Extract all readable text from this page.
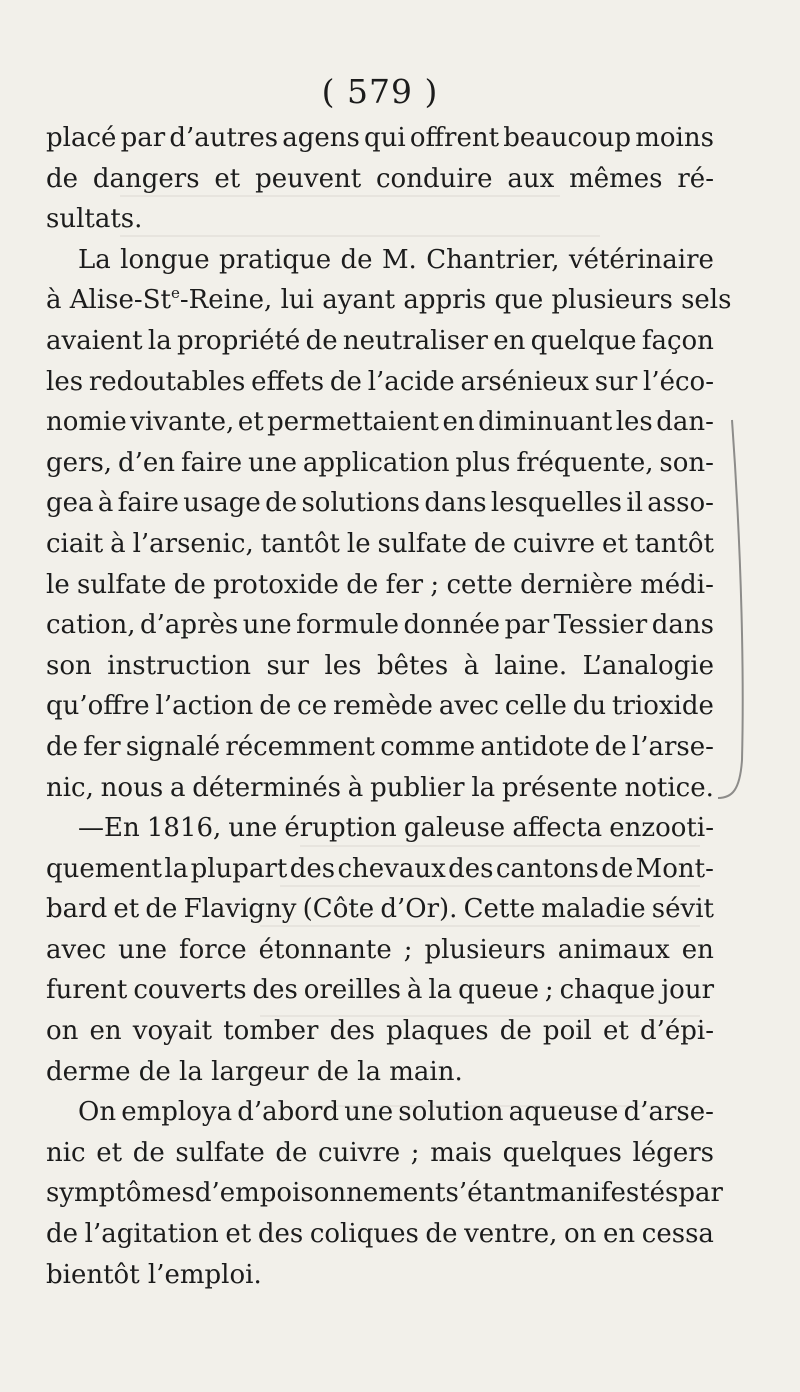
( 579 )
placé par d’autres agens qui offrent beaucoup moins
de dangers et peuvent conduire aux mêmes ré-
sultats.
La longue pratique de M. Chantrier, vétérinaire
à Alise-St$^e$-Reine, lui ayant appris que plusieurs sels
avaient la propriété de neutraliser en quelque façon
les redoutables effets de l’acide arsénieux sur l’éco-
nomie vivante, et permettaient en diminuant les dan-
gers, d’en faire une application plus fréquente, son-
gea à faire usage de solutions dans lesquelles il asso-
ciait à l’arsenic, tantôt le sulfate de cuivre et tantôt
le sulfate de protoxide de fer ; cette dernière médi-
cation, d’après une formule donnée par Tessier dans
son instruction sur les bêtes à laine. L’analogie
qu’offre l’action de ce remède avec celle du trioxide
de fer signalé récemment comme antidote de l’arse-
nic, nous a déterminés à publier la présente notice.
—En 1816, une éruption galeuse affecta enzooti-
quement la plupart des chevaux des cantons de Mont-
bard et de Flavigny (Côte d’Or). Cette maladie sévit
avec une force étonnante ; plusieurs animaux en
furent couverts des oreilles à la queue ; chaque jour
on en voyait tomber des plaques de poil et d’épi-
derme de la largeur de la main.
On employa d’abord une solution aqueuse d’arse-
nic et de sulfate de cuivre ; mais quelques légers
symptômes d’empoisonnement s’étant manifestés par
de l’agitation et des coliques de ventre, on en cessa
bientôt l’emploi.
